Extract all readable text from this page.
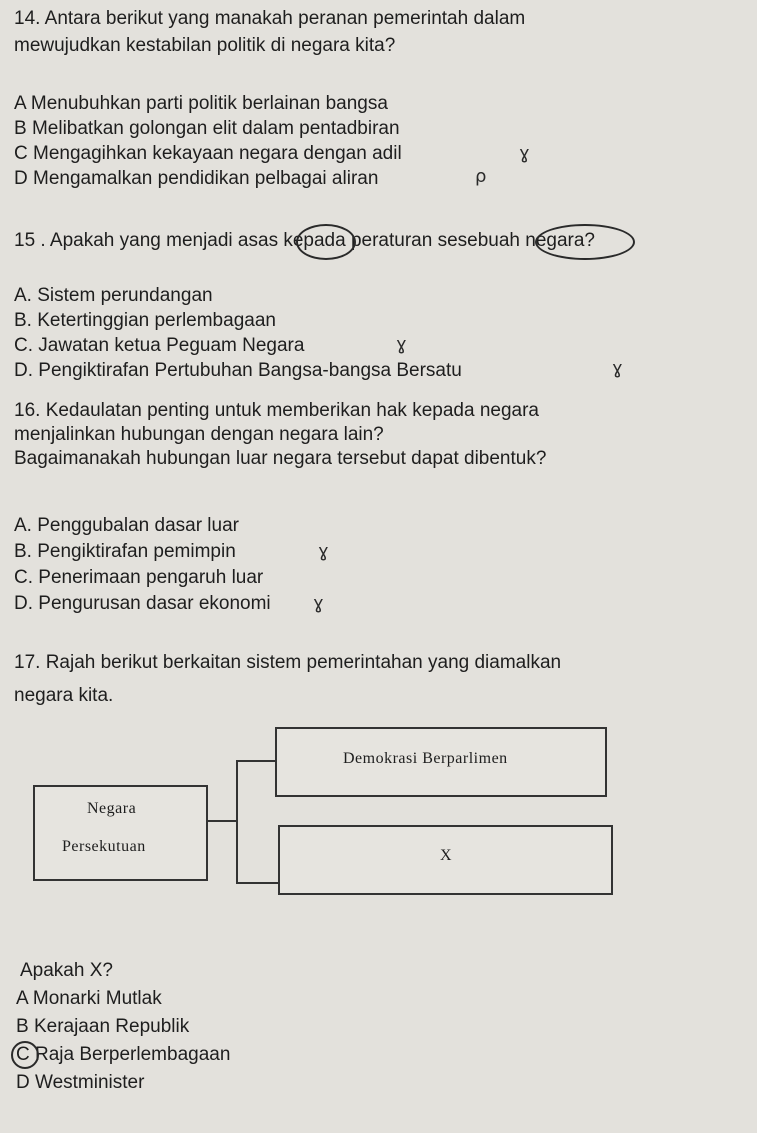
14. Antara berikut yang manakah peranan pemerintah dalam
mewujudkan kestabilan politik di negara kita?
A Menubuhkan parti politik berlainan bangsa
B Melibatkan golongan elit dalam pentadbiran
C Mengagihkan kekayaan negara dengan adil	ɣ
D Mengamalkan pendidikan pelbagai aliran	ρ
15 . Apakah yang menjadi asas kepada peraturan sesebuah negara?
A. Sistem perundangan
B. Ketertinggian perlembagaan
C. Jawatan ketua Peguam Negara	ɣ
D. Pengiktirafan Pertubuhan Bangsa-bangsa Bersatu	ɣ
16. Kedaulatan penting untuk memberikan hak kepada negara
menjalinkan hubungan dengan negara lain?
Bagaimanakah hubungan luar negara tersebut dapat dibentuk?
A. Penggubalan dasar luar
B. Pengiktirafan pemimpin	ɣ
C. Penerimaan pengaruh luar
D. Pengurusan dasar ekonomi ɣ
17. Rajah berikut berkaitan sistem pemerintahan yang diamalkan
negara kita.
Negara
Persekutuan
Demokrasi Berparlimen
X
Apakah X?
A Monarki Mutlak
B Kerajaan Republik
C Raja Berperlembagaan
D Westminister
